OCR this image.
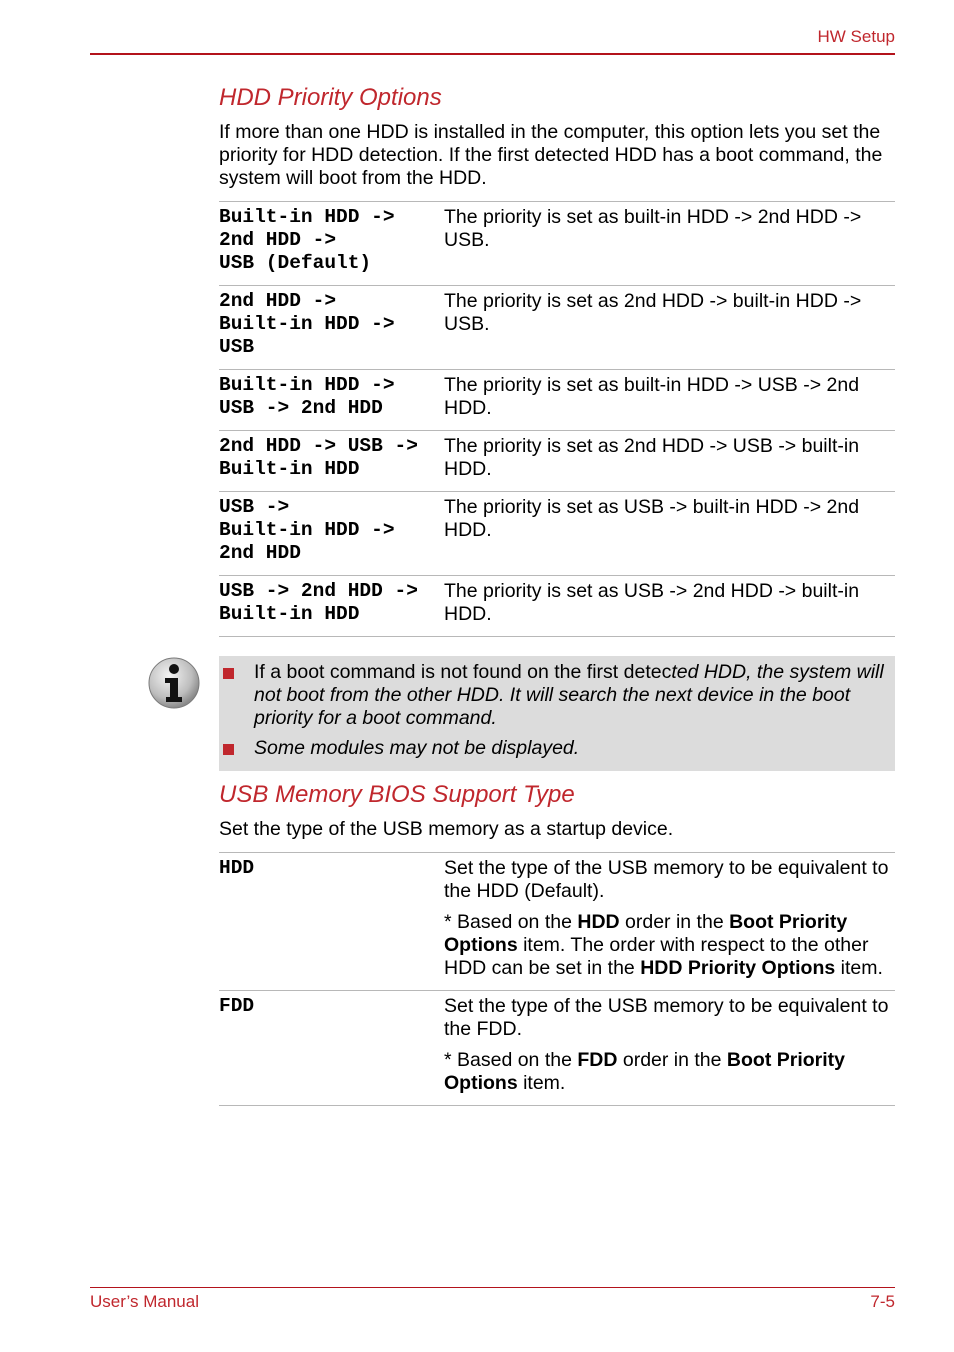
HW Setup
HDD Priority Options

If more than one HDD is installed in the computer, this option lets you set the priority for HDD detection. If the first detected HDD has a boot command, the system will boot from the HDD.

Built-in HDD ->
2nd HDD ->
USB (Default)	The priority is set as built-in HDD -> 2nd HDD -> USB.
2nd HDD ->
Built-in HDD ->
USB	The priority is set as 2nd HDD -> built-in HDD -> USB.
Built-in HDD ->
USB -> 2nd HDD	The priority is set as built-in HDD -> USB -> 2nd HDD.
2nd HDD -> USB ->
Built-in HDD	The priority is set as 2nd HDD -> USB -> built-in HDD.
USB ->
Built-in HDD ->
2nd HDD	The priority is set as USB -> built-in HDD -> 2nd HDD.
USB -> 2nd HDD ->
Built-in HDD	The priority is set as USB -> 2nd HDD -> built-in HDD.
If a boot command is not found on the first detected HDD, the system will not boot from the other HDD. It will search the next device in the boot priority for a boot command.
Some modules may not be displayed.
USB Memory BIOS Support Type

Set the type of the USB memory as a startup device.

HDD	Set the type of the USB memory to be equivalent to the HDD (Default).
* Based on the HDD order in the Boot Priority Options item. The order with respect to the other HDD can be set in the HDD Priority Options item.

FDD	Set the type of the USB memory to be equivalent to the FDD.
* Based on the FDD order in the Boot Priority Options item.
User’s Manual	7-5
